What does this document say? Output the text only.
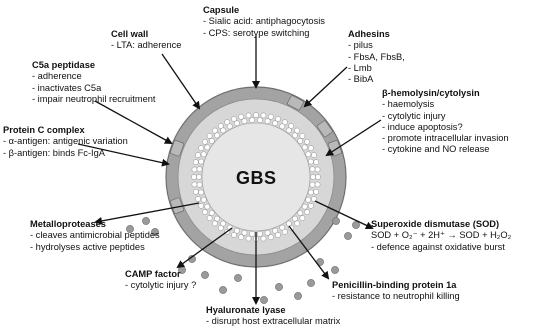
GBS
Capsule
- Sialic acid: antiphagocytosis
- CPS: serotype switching
Cell wall
- LTA: adherence
Adhesins
- pilus
- FbsA, FbsB,
- Lmb
- BibA
C5a peptidase
- adherence
- inactivates C5a
- impair neutrophil recruitment
β-hemolysin/cytolysin
- haemolysis
- cytolytic injury
- induce apoptosis?
- promote intracellular invasion
- cytokine and NO release
Protein C complex
- α-antigen: antigenic variation
- β-antigen: binds Fc-IgA
Metalloproteases
- cleaves antimicrobial peptides
- hydrolyses active peptides
Superoxide dismutase (SOD)
SOD + O₂⁻ + 2H⁺ → SOD + H₂O₂
- defence against oxidative burst
CAMP factor
- cytolytic injury ?	Penicillin-binding protein 1a
- resistance to neutrophil killing
Hyaluronate lyase
- disrupt host extracellular matrix
